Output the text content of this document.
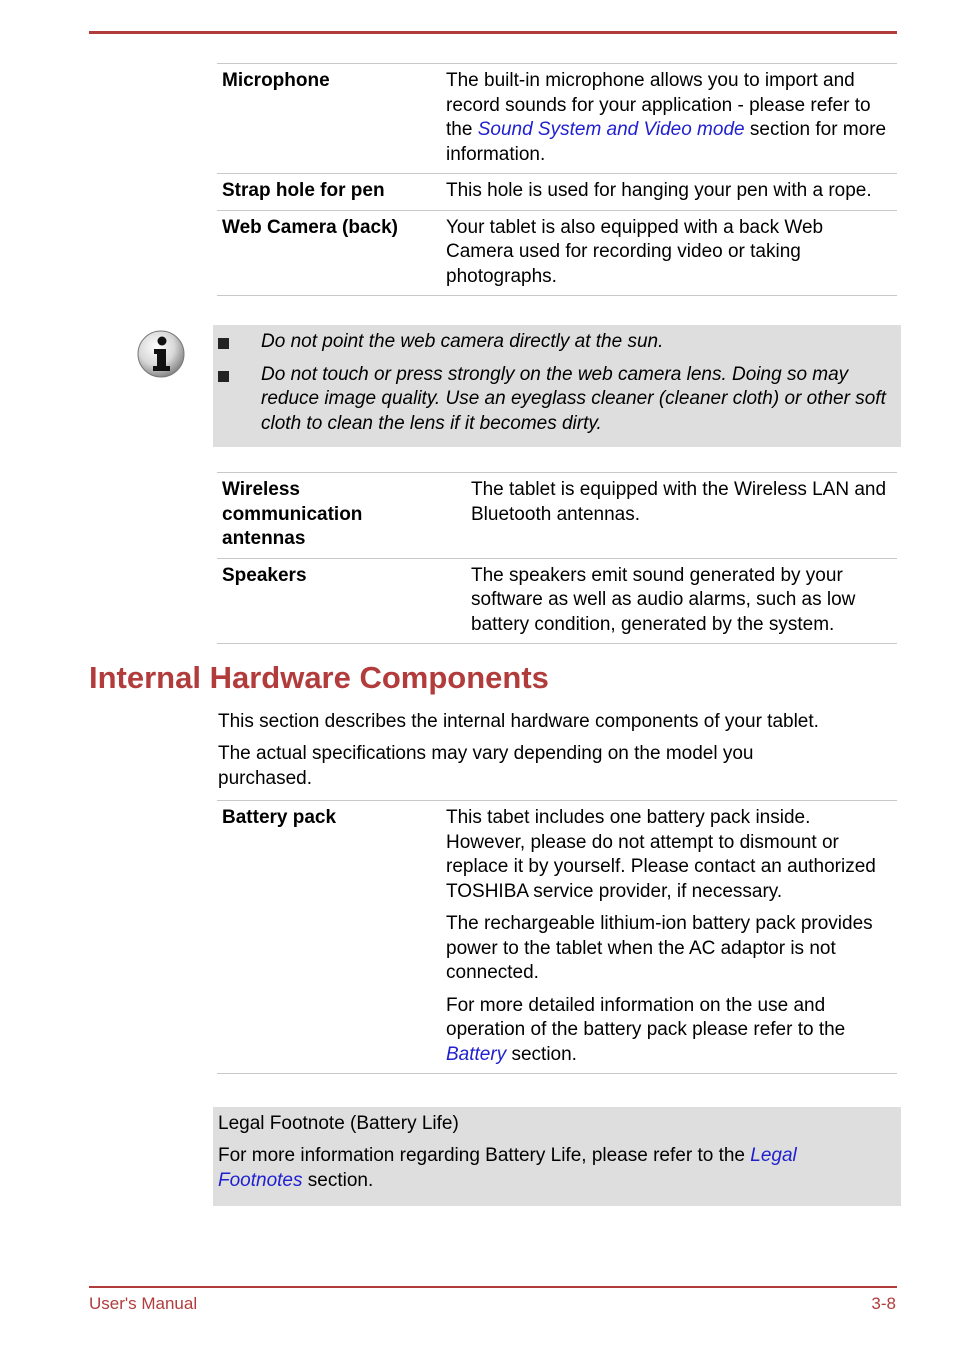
Microphone	The built-in microphone allows you to import and record sounds for your application - please refer to the Sound System and Video mode section for more information.
Strap hole for pen	This hole is used for hanging your pen with a rope.
Web Camera (back)	Your tablet is also equipped with a back Web Camera used for recording video or taking photographs.
Do not point the web camera directly at the sun.
Do not touch or press strongly on the web camera lens. Doing so may reduce image quality. Use an eyeglass cleaner (cleaner cloth) or other soft cloth to clean the lens if it becomes dirty.
Wireless communication antennas	The tablet is equipped with the Wireless LAN and Bluetooth antennas.
Speakers	The speakers emit sound generated by your software as well as audio alarms, such as low battery condition, generated by the system.
Internal Hardware Components

This section describes the internal hardware components of your tablet.

The actual specifications may vary depending on the model you purchased.

Battery pack	This tabet includes one battery pack inside. However, please do not attempt to dismount or replace it by yourself. Please contact an authorized TOSHIBA service provider, if necessary.

The rechargeable lithium-ion battery pack provides power to the tablet when the AC adaptor is not connected.

For more detailed information on the use and operation of the battery pack please refer to the Battery section.

Legal Footnote (Battery Life)

For more information regarding Battery Life, please refer to the Legal Footnotes section.

User's Manual	3-8
